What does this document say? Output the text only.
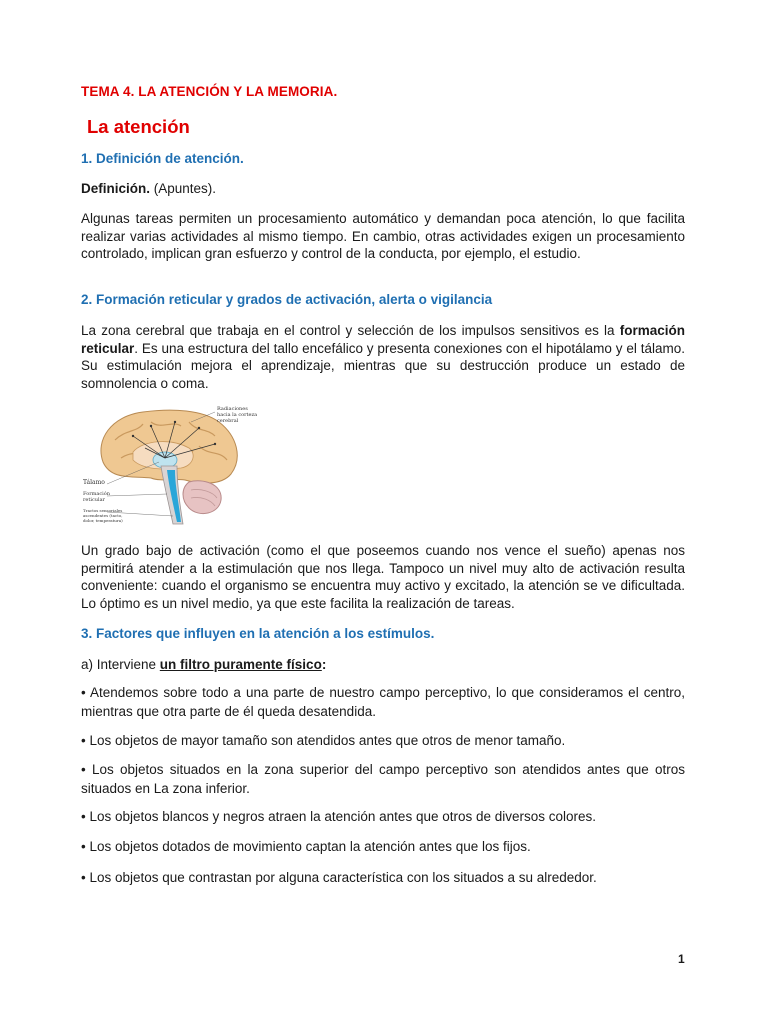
TEMA 4. LA ATENCIÓN Y LA MEMORIA.
La atención
1. Definición de atención.

Definición. (Apuntes).

Algunas tareas permiten un procesamiento automático y demandan poca atención, lo que facilita realizar varias actividades al mismo tiempo. En cambio, otras actividades exigen un procesamiento controlado, implican gran esfuerzo y control de la conducta, por ejemplo, el estudio.

2. Formación reticular y grados de activación, alerta o vigilancia

La zona cerebral que trabaja en el control y selección de los impulsos sensitivos es la formación reticular. Es una estructura del tallo encefálico y presenta conexiones con el hipotálamo y el tálamo. Su estimulación mejora el aprendizaje, mientras que su destrucción produce un estado de somnolencia o coma.

Un grado bajo de activación (como el que poseemos cuando nos vence el sueño) apenas nos permitirá atender a la estimulación que nos llega. Tampoco un nivel muy alto de activación resulta conveniente: cuando el organismo se encuentra muy activo y excitado, la atención se ve dificultada. Lo óptimo es un nivel medio, ya que este facilita la realización de tareas.

3. Factores que influyen en la atención a los estímulos.

a) Interviene un filtro puramente físico:

• Atendemos sobre todo a una parte de nuestro campo perceptivo, lo que consideramos el centro, mientras que otra parte de él queda desatendida.

• Los objetos de mayor tamaño son atendidos antes que otros de menor tamaño.

• Los objetos situados en la zona superior del campo perceptivo son atendidos antes que otros situados en La zona inferior.

• Los objetos blancos y negros atraen la atención antes que otros de diversos colores.

• Los objetos dotados de movimiento captan la atención antes que los fijos.

• Los objetos que contrastan por alguna característica con los situados a su alrededor.

Radiaciones
hacia la corteza
cerebral
Tálamo
Formación
reticular
Tractos sensoriales
ascendentes (tacto,
dolor, temperatura)
1
